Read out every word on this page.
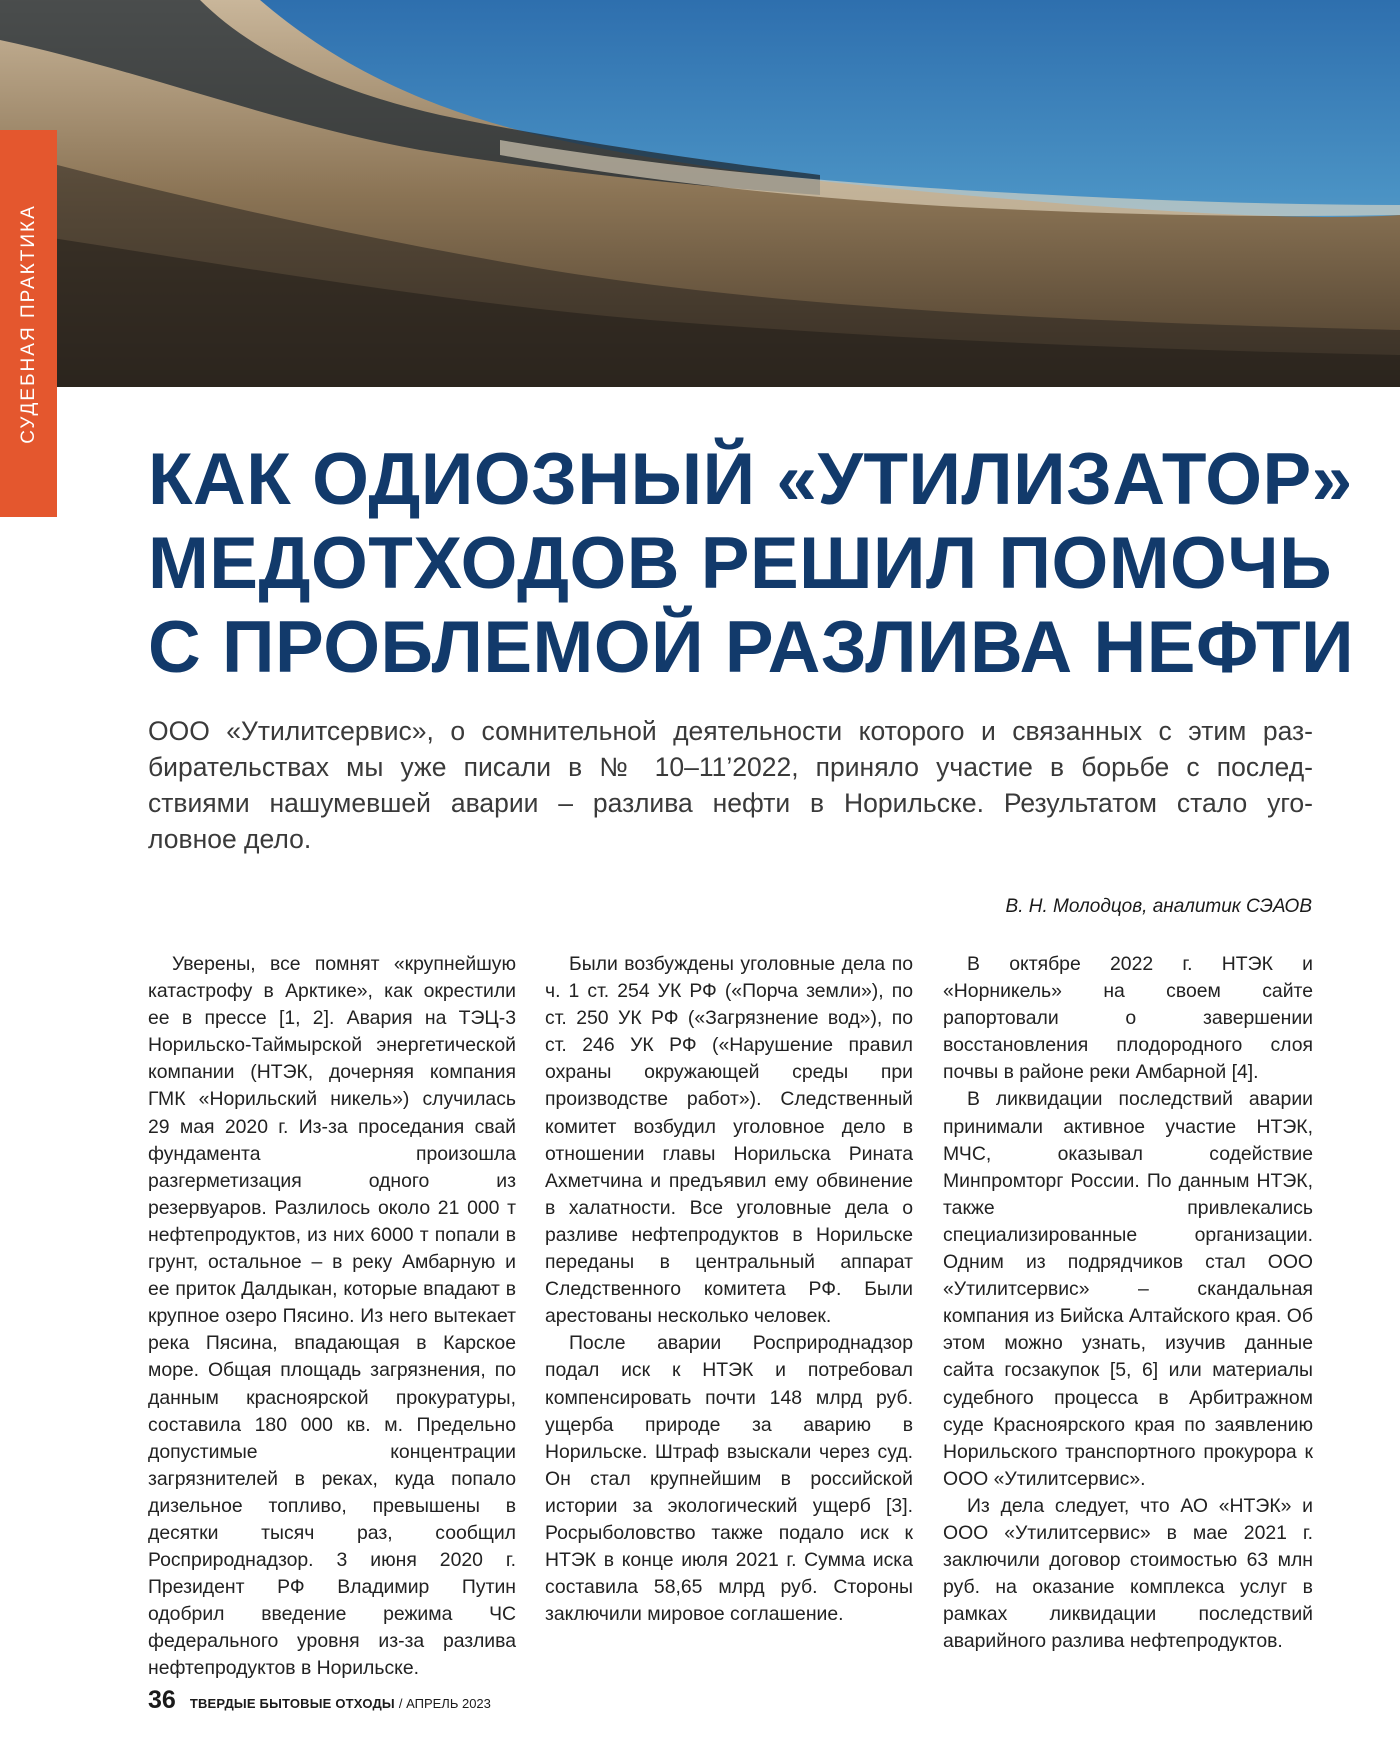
СУДЕБНАЯ ПРАКТИКА
КАК ОДИОЗНЫЙ «УТИЛИЗАТОР»
МЕДОТХОДОВ РЕШИЛ ПОМОЧЬ
С ПРОБЛЕМОЙ РАЗЛИВА НЕФТИ
ООО «Утилитсервис», о сомнительной деятельности которого и связанных с этим раз-
бирательствах мы уже писали в № 10–11’2022, приняло участие в борьбе с послед-
ствиями нашумевшей аварии – разлива нефти в Норильске. Результатом стало уго-
ловное дело.
В. Н. Молодцов, аналитик СЭАОВ

Уверены, все помнят «крупнейшую катастрофу в Арктике», как окрестили ее в прессе [1, 2]. Авария на ТЭЦ-3 Норильско-Таймырской энергетической компании (НТЭК, дочерняя компания ГМК «Норильский никель») случилась 29 мая 2020 г. Из-за проседания свай фундамента произошла разгерметизация одного из резервуаров. Разлилось около 21 000 т нефтепродуктов, из них 6000 т попали в грунт, остальное – в реку Амбарную и ее приток Далдыкан, которые впадают в крупное озеро Пясино. Из него вытекает река Пясина, впадающая в Карское море. Общая площадь загрязнения, по данным красноярской прокуратуры, составила 180 000 кв. м. Предельно допустимые концентрации загрязнителей в реках, куда попало дизельное топливо, превышены в десятки тысяч раз, сообщил Росприроднадзор. 3 июня 2020 г. Президент РФ Владимир Путин одобрил введение режима ЧС федерального уровня из-за разлива нефтепродуктов в Норильске.

Были возбуждены уголовные дела по ч. 1 ст. 254 УК РФ («Порча земли»), по ст. 250 УК РФ («Загрязнение вод»), по ст. 246 УК РФ («Нарушение правил охраны окружающей среды при производстве работ»). Следственный комитет возбудил уголовное дело в отношении главы Норильска Рината Ахметчина и предъявил ему обвинение в халатности. Все уголовные дела о разливе нефтепродуктов в Норильске переданы в центральный аппарат Следственного комитета РФ. Были арестованы несколько человек.

После аварии Росприроднадзор подал иск к НТЭК и потребовал компенсировать почти 148 млрд руб. ущерба природе за аварию в Норильске. Штраф взыскали через суд. Он стал крупнейшим в российской истории за экологический ущерб [3]. Росрыболовство также подало иск к НТЭК в конце июля 2021 г. Сумма иска составила 58,65 млрд руб. Стороны заключили мировое соглашение.

В октябре 2022 г. НТЭК и «Норникель» на своем сайте рапортовали о завершении восстановления плодородного слоя почвы в районе реки Амбарной [4].

В ликвидации последствий аварии принимали активное участие НТЭК, МЧС, оказывал содействие Минпромторг России. По данным НТЭК, также привлекались специализированные организации. Одним из подрядчиков стал ООО «Утилитсервис» – скандальная компания из Бийска Алтайского края. Об этом можно узнать, изучив данные сайта госзакупок [5, 6] или материалы судебного процесса в Арбитражном суде Красноярского края по заявлению Норильского транспортного прокурора к ООО «Утилитсервис».

Из дела следует, что АО «НТЭК» и ООО «Утилитсервис» в мае 2021 г. заключили договор стоимостью 63 млн руб. на оказание комплекса услуг в рамках ликвидации последствий аварийного разлива нефтепродуктов.

36 ТВЕРДЫЕ БЫТОВЫЕ ОТХОДЫ / АПРЕЛЬ 2023
